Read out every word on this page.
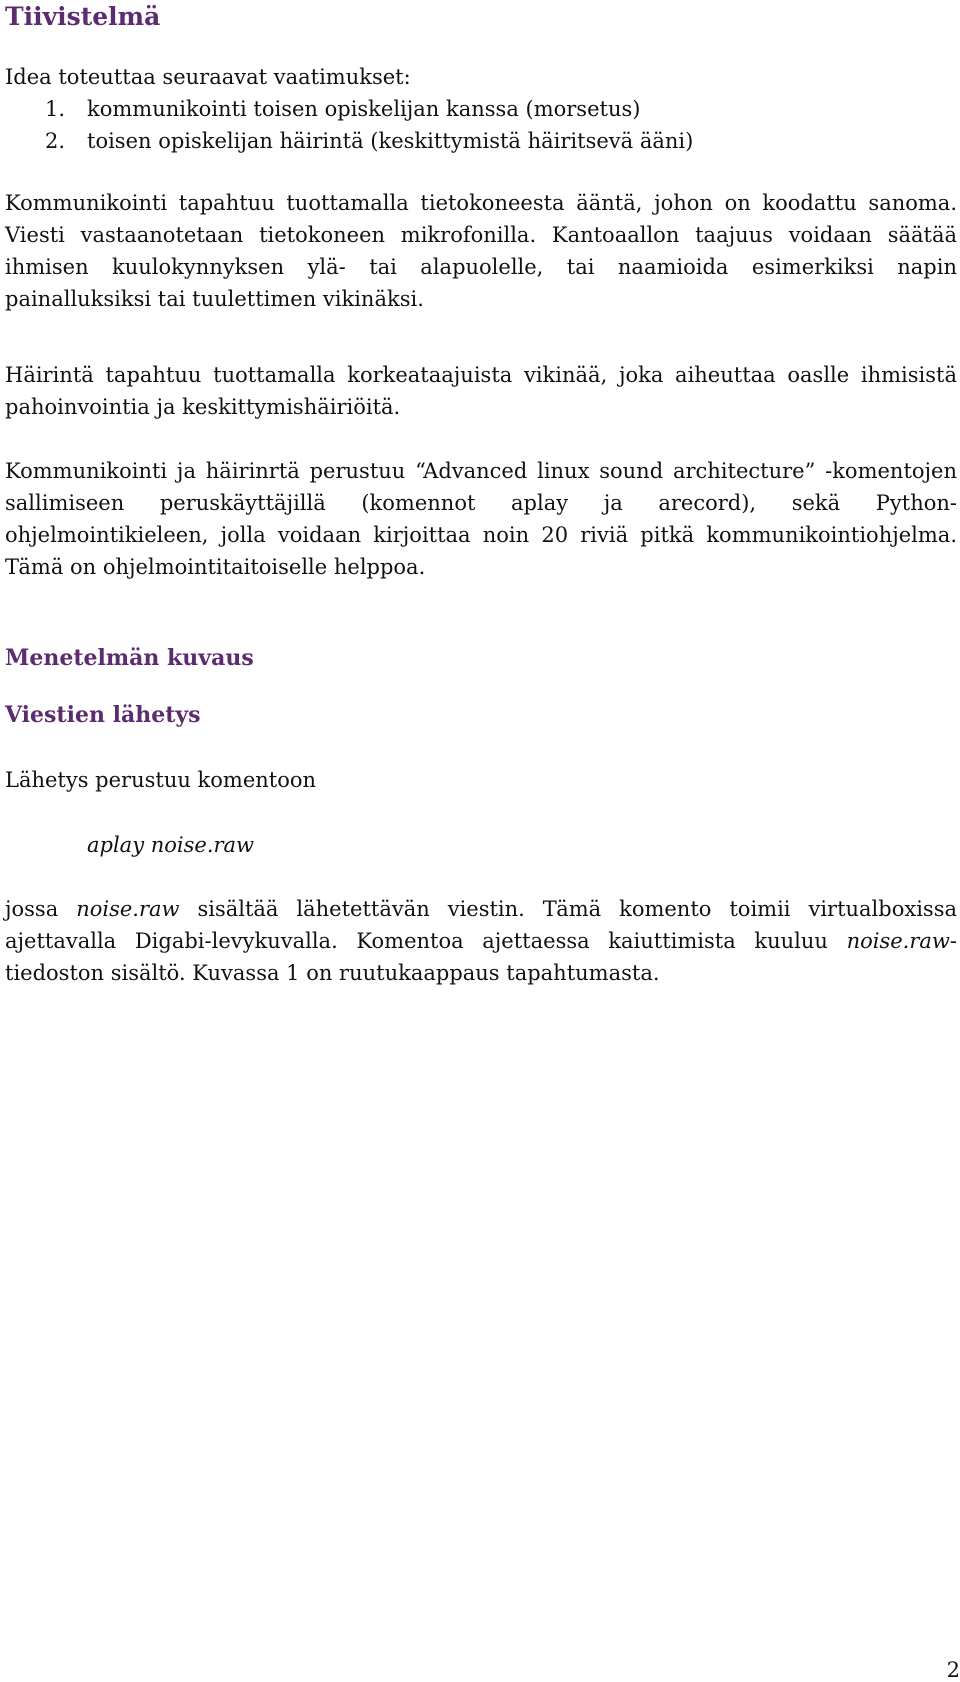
Tiivistelmä

Idea toteuttaa seuraavat vaatimukset:

1. kommunikointi toisen opiskelijan kanssa (morsetus)
2. toisen opiskelijan häirintä (keskittymistä häiritsevä ääni)

Kommunikointi tapahtuu tuottamalla tietokoneesta ääntä, johon on koodattu sanoma. Viesti vastaanotetaan tietokoneen mikrofonilla. Kantoaallon taajuus voidaan säätää ihmisen kuulokynnyksen ylä- tai alapuolelle, tai naamioida esimerkiksi napin painalluksiksi tai tuulettimen vikinäksi.

Häirintä tapahtuu tuottamalla korkeataajuista vikinää, joka aiheuttaa oaslle ihmisistä pahoinvointia ja keskittymishäiriöitä.

Kommunikointi ja häirinrtä perustuu “Advanced linux sound architecture” -komentojen sallimiseen peruskäyttäjillä (komennot aplay ja arecord), sekä Python-ohjelmointikieleen, jolla voidaan kirjoittaa noin 20 riviä pitkä kommunikointiohjelma. Tämä on ohjelmointitaitoiselle helppoa.

Menetelmän kuvaus
Viestien lähetys

Lähetys perustuu komentoon

aplay noise.raw

jossa noise.raw sisältää lähetettävän viestin. Tämä komento toimii virtualboxissa ajettavalla Digabi-levykuvalla. Komentoa ajettaessa kaiuttimista kuuluu noise.raw-tiedoston sisältö. Kuvassa 1 on ruutukaappaus tapahtumasta.

2
